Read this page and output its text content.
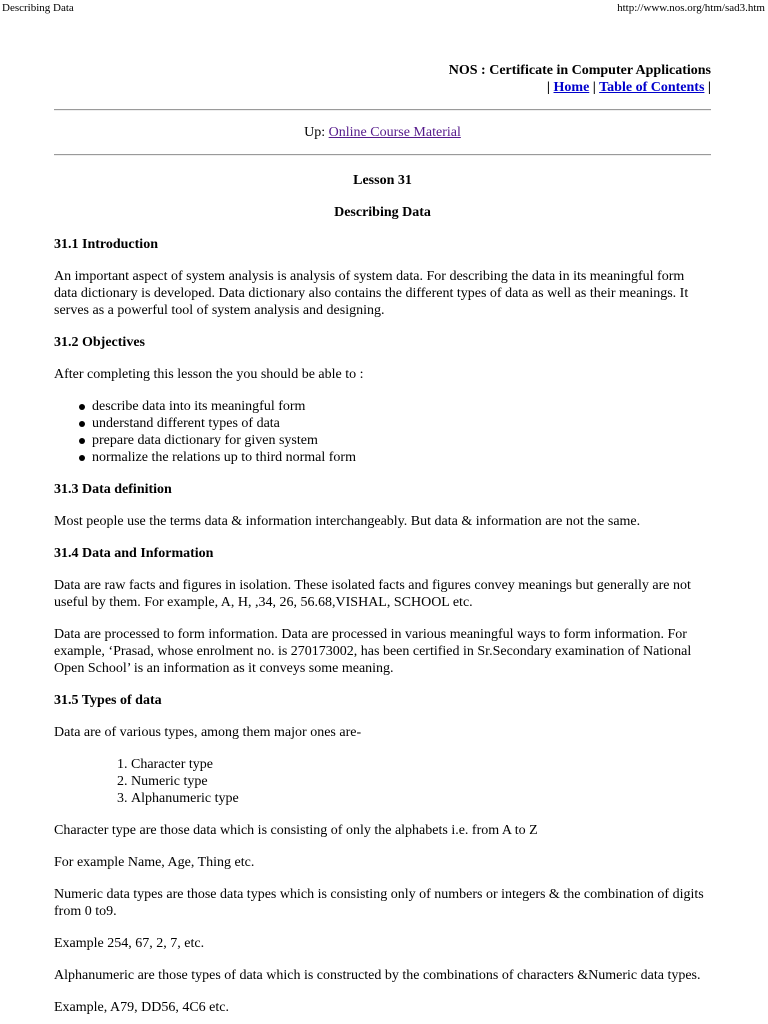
Describing Data	http://www.nos.org/htm/sad3.htm
NOS : Certificate in Computer Applications
| Home | Table of Contents |
Up: Online Course Material
Lesson 31
Describing Data
31.1 Introduction

An important aspect of system analysis is analysis of system data. For describing the data in its meaningful form data dictionary is developed. Data dictionary also contains the different types of data as well as their meanings. It serves as a powerful tool of system analysis and designing.

31.2 Objectives

After completing this lesson the you should be able to :

describe data into its meaningful form
understand different types of data
prepare data dictionary for given system
normalize the relations up to third normal form
31.3 Data definition

Most people use the terms data & information interchangeably. But data & information are not the same.

31.4 Data and Information

Data are raw facts and figures in isolation. These isolated facts and figures convey meanings but generally are not useful by them. For example, A, H, ,34, 26, 56.68,VISHAL, SCHOOL etc.

Data are processed to form information. Data are processed in various meaningful ways to form information. For example, ‘Prasad, whose enrolment no. is 270173002, has been certified in Sr.Secondary examination of National Open School’ is an information as it conveys some meaning.

31.5 Types of data

Data are of various types, among them major ones are-

1. Character type
2. Numeric type
3. Alphanumeric type

Character type are those data which is consisting of only the alphabets i.e. from A to Z

For example Name, Age, Thing etc.

Numeric data types are those data types which is consisting only of numbers or integers & the combination of digits from 0 to9.

Example 254, 67, 2, 7, etc.

Alphanumeric are those types of data which is constructed by the combinations of characters &Numeric data types.

Example, A79, DD56, 4C6 etc.
